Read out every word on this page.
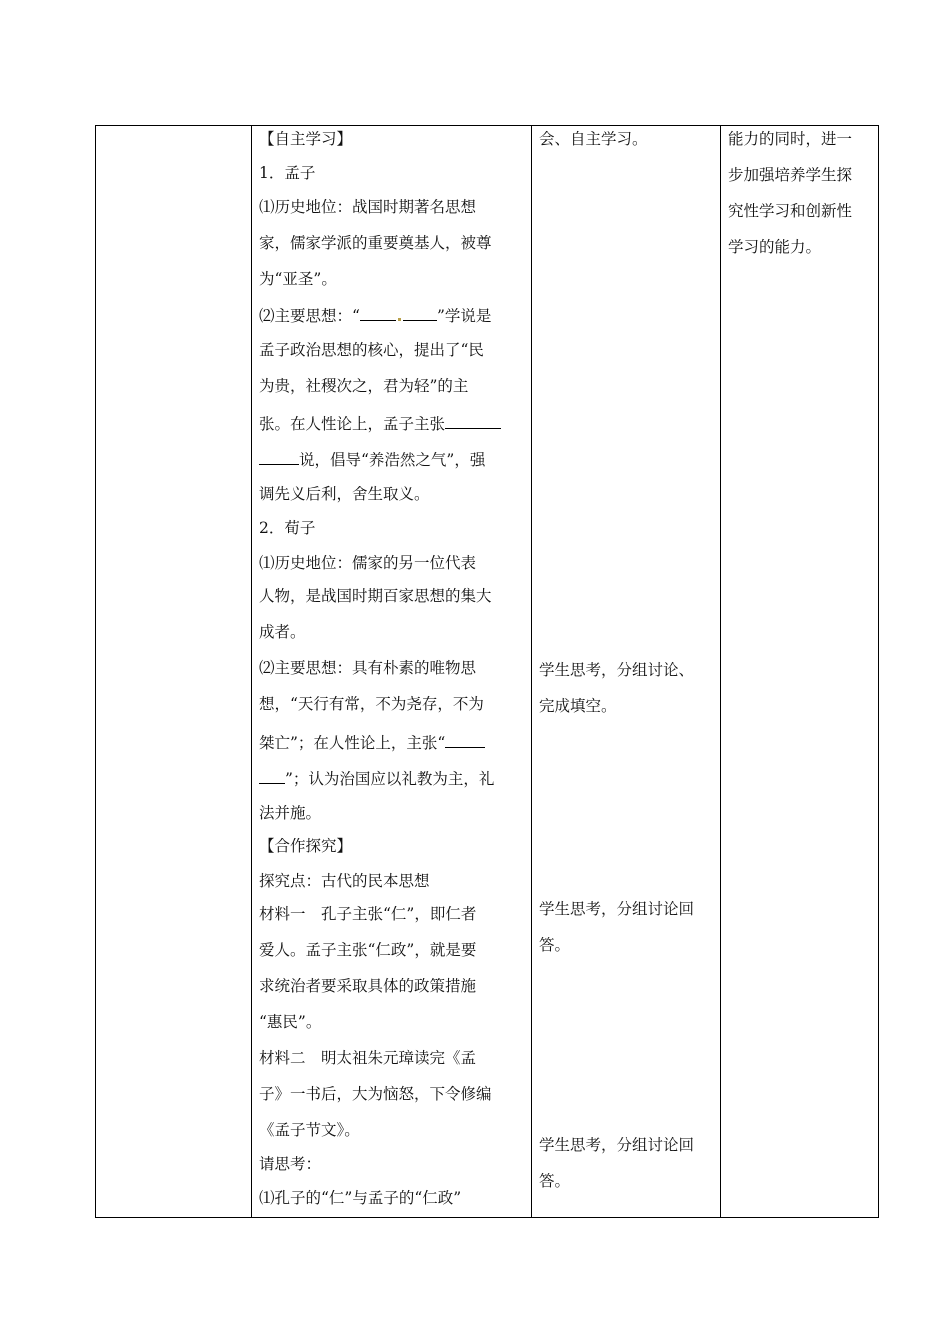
【自主学习】
1．孟子
⑴历史地位：战国时期著名思想
家，儒家学派的重要奠基人，被尊
为“亚圣”。
⑵主要思想：“	”学说是
孟子政治思想的核心，提出了“民
为贵，社稷次之，君为轻”的主
张。在人性论上，孟子主张
说，倡导“养浩然之气”，强
调先义后利，舍生取义。
2．荀子
⑴历史地位：儒家的另一位代表
人物，是战国时期百家思想的集大
成者。
⑵主要思想：具有朴素的唯物思
想，“天行有常，不为尧存，不为
桀亡”；在人性论上，主张“
”；认为治国应以礼教为主，礼
法并施。
【合作探究】
探究点：古代的民本思想
材料一　孔子主张“仁”，即仁者
爱人。孟子主张“仁政”，就是要
求统治者要采取具体的政策措施
“惠民”。
材料二　明太祖朱元璋读完《孟
子》一书后，大为恼怒，下令修编
《孟子节文》。
请思考：
⑴孔子的“仁”与孟子的“仁政”
会、自主学习。
学生思考，分组讨论、
完成填空。
学生思考，分组讨论回
答。
学生思考，分组讨论回
答。
能力的同时，进一
步加强培养学生探
究性学习和创新性
学习的能力。
